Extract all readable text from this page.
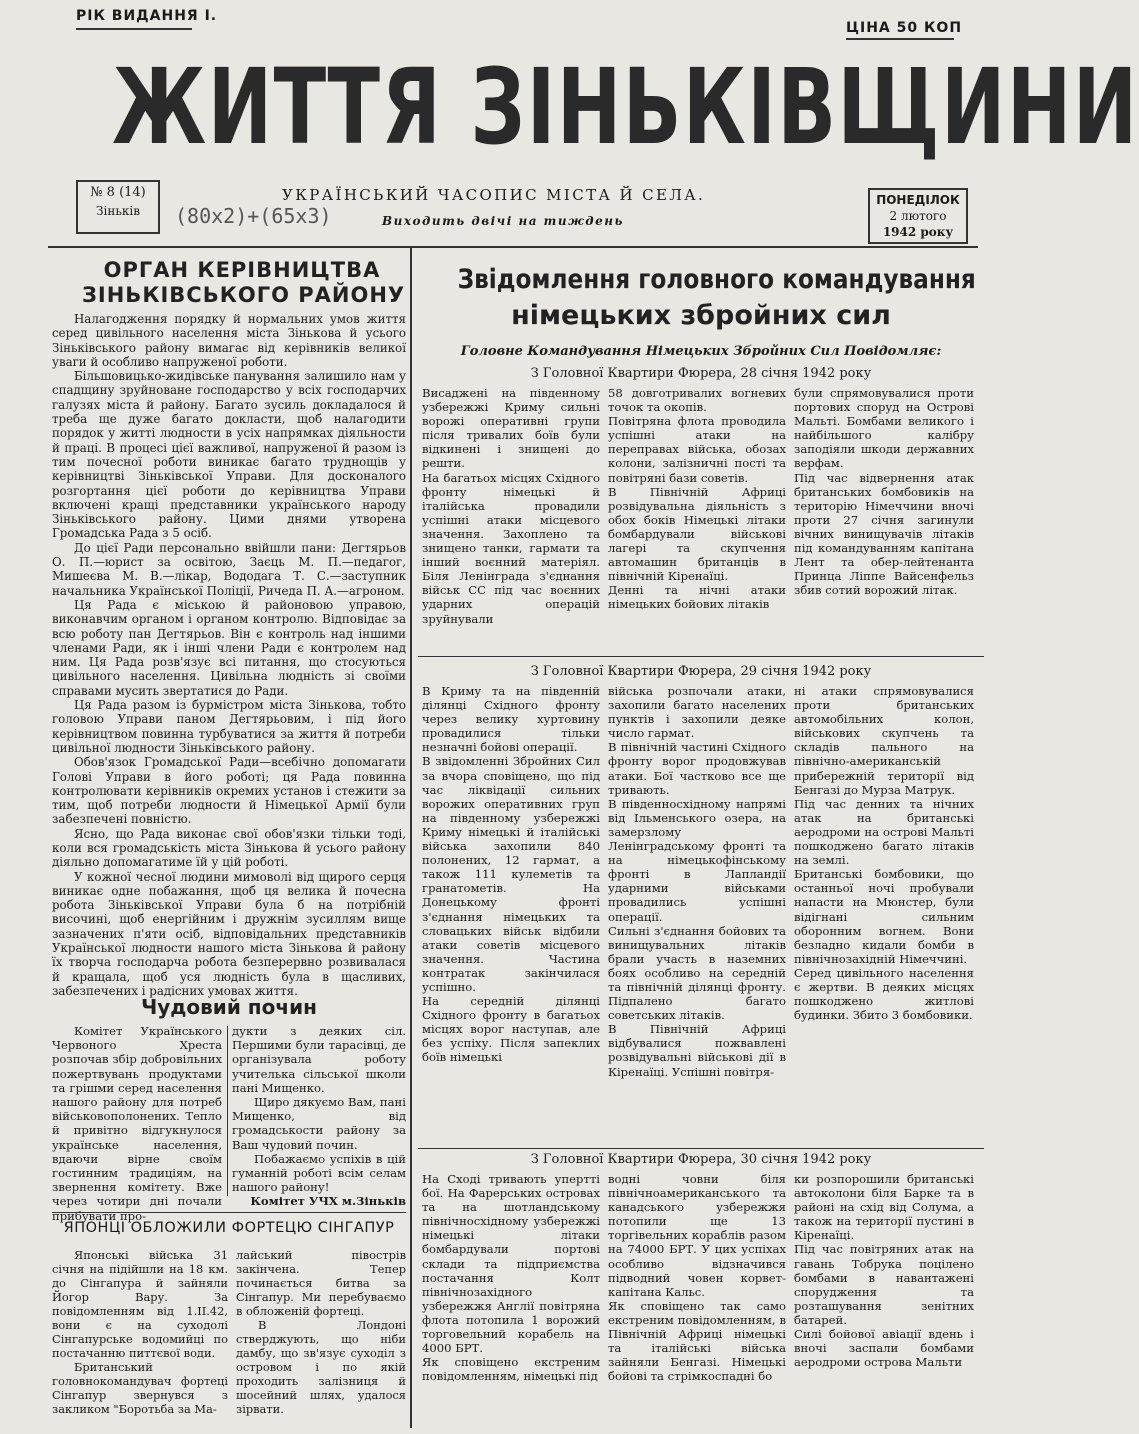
РІК ВИДАННЯ І.
ЦІНА 50 КОП
ЖИТТЯ ЗІНЬКІВЩИНИ
№ 8 (14)
Зіньків	(80х2)+(65х3)
УКРАЇНСЬКИЙ ЧАСОПИС МІСТА Й СЕЛА.
Виходить двічі на тиждень
ПОНЕДІЛОК
2 лютого
1942 року
ОРГАН КЕРІВНИЦТВА
ЗІНЬКІВСЬКОГО РАЙОНУ

Налагодження порядку й нормальних умов життя серед цивільного населення міста Зінькова й усього Зіньківського району вимагає від керівників великої уваги й особливо напруженої роботи.

Більшовицько-жидівське панування залишило нам у спадщину зруйноване господарство у всіх господарчих галузях міста й району. Багато зусиль докладалося й треба ще дуже багато докласти, щоб налагодити порядок у житті людности в усіх напрямках діяльности й праці. В процесі цієї важливої, напруженої й разом із тим почесної роботи виникає багато труднощів у керівництві Зіньківської Управи. Для досконалого розгортання цієї роботи до керівництва Управи включені кращі представники українського народу Зіньківського району. Цими днями утворена Громадська Рада з 5 осіб.

До цієї Ради персонально ввійшли пани: Дегтярьов О. П.—юрист за освітою, Заєць М. П.—педагог, Мишеєва М. В.—лікар, Вододага Т. С.—заступник начальника Української Поліції, Ричеда П. А.—агроном.

Ця Рада є міською й районовою управою, виконавчим органом і органом контролю. Відповідає за всю роботу пан Дегтярьов. Він є контроль над іншими членами Ради, як і інші члени Ради є контролем над ним. Ця Рада розв'язує всі питання, що стосуються цивільного населення. Цивільна людність зі своїми справами мусить звертатися до Ради.

Ця Рада разом із бурмістром міста Зінькова, тобто головою Управи паном Дегтярьовим, і під його керівництвом повинна турбуватися за життя й потреби цивільної людности Зіньківського району.

Обов'язок Громадської Ради—всебічно допомагати Голові Управи в його роботі; ця Рада повинна контролювати керівників окремих установ і стежити за тим, щоб потреби людности й Німецької Армії були забезпечені повністю.

Ясно, що Рада виконає свої обов'язки тільки тоді, коли вся громадськість міста Зінькова й усього району діяльно допомагатиме їй у цій роботі.

У кожної чесної людини мимоволі від щирого серця виникає одне побажання, щоб ця велика й почесна робота Зіньківської Управи була б на потрібній височині, щоб енергійним і дружнім зусиллям вище зазначених п'яти осіб, відповідальних представників Української людности нашого міста Зінькова й району їх творча господарча робота безперервно розвивалася й кращала, щоб уся людність була в щасливих, забезпечених і радісних умовах життя.

Чудовий почин

Комітет Українського Червоного Хреста розпочав збір добровільних пожертвувань продуктами та грішми серед населення нашого району для потреб військовополонених. Тепло й привітно відгукнулося українське населення, вдаючи вірне своїм гостинним традиціям, на звернення комітету. Вже через чотири дні почали прибувати про-

дукти з деяких сіл. Першими були тарасівці, де організувала роботу учителька сільської школи пані Мищенко.

Щиро дякуємо Вам, пані Мищенко, від громадськости району за Ваш чудовий почин.

Побажаємо успіхів в цій гуманній роботі всім селам нашого району!

Комітет УЧХ м.Зіньків

ЯПОНЦІ ОБЛОЖИЛИ ФОРТЕЦЮ СІНГАПУР

Японські війська 31 січня на підійшли на 18 км. до Сінгапура й зайняли Йогор Вару. За повідомленням від 1.ІІ.42, вони є на суходолі Сінгапурське водомийці по постачанню питтєвої води.

Британський головнокомандувач фортеці Сінгапур звернувся з закликом "Боротьба за Ма-

лайський півострів закінчена. Тепер починається битва за Сінгапур. Ми перебуваємо в обложеній фортеці.

В Лондоні стверджують, що ніби дамбу, що зв'язує суходіл з островом і по якій проходить залізниця й шосейний шлях, удалося зірвати.

Звідомлення головного командування
німецьких збройних сил
Головне Командування Німецьких Збройних Сил Повідомляє:
З Головної Квартири Фюрера, 28 січня 1942 року
Висаджені на південному узбережжі Криму сильні ворожі оперативні групи після тривалих боїв були відкинені і знищені до решти.
На багатьох місцях Східного фронту німецькі й італійська провадили успішні атаки місцевого значення. Захоплено та знищено танки, гармати та інший воєнний матеріял. Біля Ленінграда з'єднання військ СС під час воєнних ударних операцій зруйнували
58 довготривалих вогневих точок та окопів.
Повітряна флота проводила успішні атаки на переправах війська, обозах колони, залізничні пості та повітряні бази советів.
В Північній Африці розвідувальна діяльність з обох боків Німецькі літаки бомбардували військові лагері та скупчення автомашин британців в північній Кіренаїці.
Денні та нічні атаки німецьких бойових літаків
були спрямовувалися проти портових споруд на Острові Мальті. Бомбами великого і найбільшого калібру заподіяли шкоди державних верфам.
Під час відвернення атак британських бомбовиків на територію Німеччини вночі проти 27 січня загинули вічних винищувачів літаків під командуванням капітана Лент та обер-лейтенанта Принца Ліппе Вайсенфельз збив сотий ворожий літак.
З Головної Квартири Фюрера, 29 січня 1942 року
В Криму та на південній ділянці Східного фронту через велику хуртовину провадилися тільки незначні бойові операції.
В звідомленні Збройних Сил за вчора сповіщено, що під час ліквідації сильних ворожих оперативних груп на південному узбережжі Криму німецькі й італійські війська захопили 840 полонених, 12 гармат, а також 111 кулеметів та гранатометів. На Донецькому фронті з'єднання німецьких та словацьких військ відбили атаки советів місцевого значення. Частина контратак закінчилася успішно.
На середній ділянці Східного фронту в багатьох місцях ворог наступав, але без успіху. Після запеклих боїв німецькі
війська розпочали атаки, захопили багато населених пунктів і захопили деяке число гармат.
В північній частині Східного фронту ворог продовжував атаки. Бої частково все ще тривають.
В південносхідному напрямі від Ільменського озера, на замерзлому Ленінградському фронті та на німецькофінському фронті в Лапландії ударними військами провадились успішні операції.
Сильні з'єднання бойових та винищувальних літаків брали участь в наземних боях особливо на середній та північній ділянці фронту. Підпалено багато советських літаків.
В Північній Африці відбувалися пожвавлені розвідувальні військові дії в Кіренаїці. Успішні повітря-
ні атаки спрямовувалися проти британських автомобільних колон, військових скупчень та складів пального на північно-американській прибережній території від Бенгазі до Мурза Матрук.
Під час денних та нічних атак на британські аеродроми на острові Мальті пошкоджено багато літаків на землі.
Британські бомбовики, що останньої ночі пробували напасти на Мюнстер, були відігнані сильним оборонним вогнем. Вони безладно кидали бомби в північнозахідній Німеччині.
Серед цивільного населення є жертви. В деяких місцях пошкоджено житлові будинки. Збито 3 бомбовики.
З Головної Квартири Фюрера, 30 січня 1942 року
На Сході тривають упертті бої. На Фарерських островах та на шотландському північносхідному узбережжі німецькі літаки бомбардували портові склади та підприємства постачання Колт північнозахідного узбережжя Англії повітряна флота потопила 1 ворожий торговельний корабель на 4000 БРТ.
Як сповіщено екстреним повідомленням, німецькі під
водні човни біля північноамериканського та канадського узбережжя потопили ще 13 торгівельних кораблів разом на 74000 БРТ. У цих успіхах особливо відзначився підводний човен корвет-капітана Кальс.
Як сповіщено так само екстреним повідомленням, в Північній Африці німецькі та італійські війська зайняли Бенгазі. Німецькі бойові та стрімкоспадні бо
ки розпорошили британські автоколони біля Барке та в районі на схід від Солума, а також на території пустині в Кіренаїці.
Під час повітряних атак на гавань Тобрука поцілено бомбами в навантажені спорудження та розташування зенітних батарей.
Силі бойової авіації вдень і вночі заспали бомбами аеродроми острова Мальти
